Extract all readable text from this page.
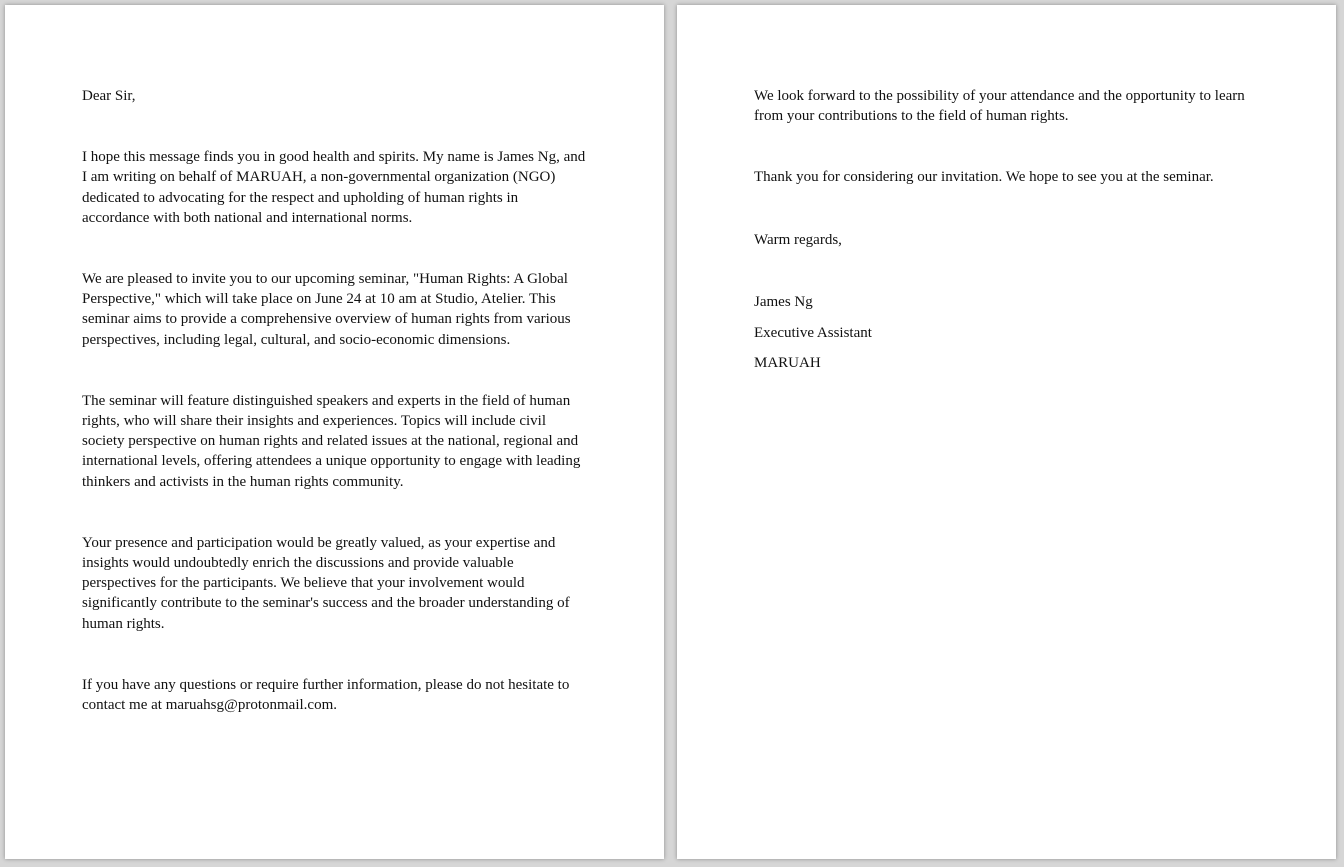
Dear Sir,

I hope this message finds you in good health and spirits. My name is James Ng, and I am writing on behalf of MARUAH, a non-governmental organization (NGO) dedicated to advocating for the respect and upholding of human rights in accordance with both national and international norms.

We are pleased to invite you to our upcoming seminar, "Human Rights: A Global Perspective," which will take place on June 24 at 10 am at Studio, Atelier. This seminar aims to provide a comprehensive overview of human rights from various perspectives, including legal, cultural, and socio-economic dimensions.

The seminar will feature distinguished speakers and experts in the field of human rights, who will share their insights and experiences. Topics will include civil society perspective on human rights and related issues at the national, regional and international levels, offering attendees a unique opportunity to engage with leading thinkers and activists in the human rights community.

Your presence and participation would be greatly valued, as your expertise and insights would undoubtedly enrich the discussions and provide valuable perspectives for the participants. We believe that your involvement would significantly contribute to the seminar's success and the broader understanding of human rights.

If you have any questions or require further information, please do not hesitate to contact me at maruahsg@protonmail.com.

We look forward to the possibility of your attendance and the opportunity to learn from your contributions to the field of human rights.

Thank you for considering our invitation. We hope to see you at the seminar.

Warm regards,

James Ng

Executive Assistant

MARUAH
